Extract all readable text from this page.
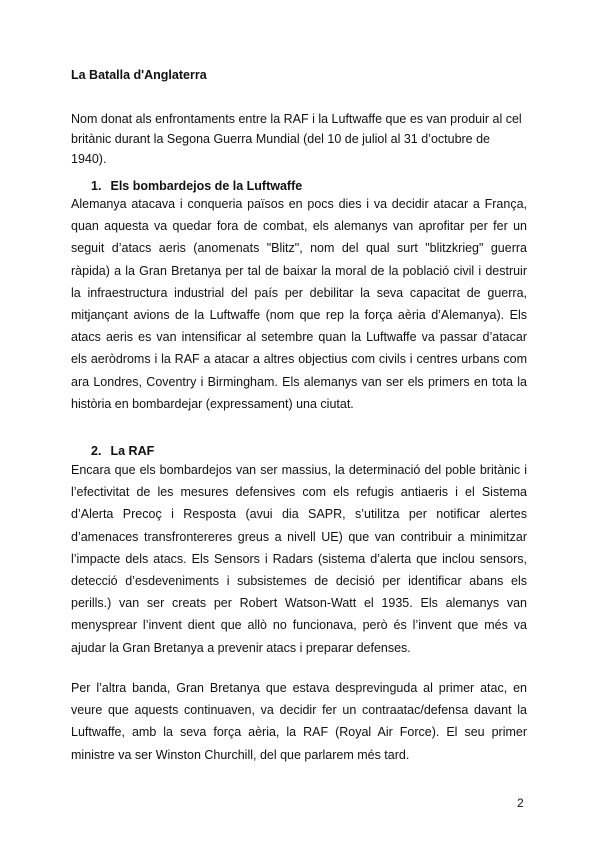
La Batalla d'Anglaterra

Nom donat als enfrontaments entre la RAF i la Luftwaffe que es van produir al cel britànic durant la Segona Guerra Mundial (del 10 de juliol al 31 d’octubre de 1940).

1. Els bombardejos de la Luftwaffe

Alemanya atacava i conqueria països en pocs dies i va decidir atacar a França, quan aquesta va quedar fora de combat, els alemanys van aprofitar per fer un seguit d’atacs aeris (anomenats "Blitz", nom del qual surt "blitzkrieg" guerra ràpida) a la Gran Bretanya per tal de baixar la moral de la població civil i destruir la infraestructura industrial del país per debilitar la seva capacitat de guerra, mitjançant avions de la Luftwaffe (nom que rep la força aèria d’Alemanya). Els atacs aeris es van intensificar al setembre quan la Luftwaffe va passar d’atacar els aeròdroms i la RAF a atacar a altres objectius com civils i centres urbans com ara Londres, Coventry i Birmingham. Els alemanys van ser els primers en tota la història en bombardejar (expressament) una ciutat.

2. La RAF

Encara que els bombardejos van ser massius, la determinació del poble britànic i l’efectivitat de les mesures defensives com els refugis antiaeris i el Sistema d’Alerta Precoç i Resposta (avui dia SAPR, s’utilitza per notificar alertes d’amenaces transfrontereres greus a nivell UE) que van contribuir a minimitzar l’impacte dels atacs. Els Sensors i Radars (sistema d’alerta que inclou sensors, detecció d’esdeveniments i subsistemes de decisió per identificar abans els perills.) van ser creats per Robert Watson-Watt el 1935. Els alemanys van menysprear l’invent dient que allò no funcionava, però és l’invent que més va ajudar la Gran Bretanya a prevenir atacs i preparar defenses.

Per l’altra banda, Gran Bretanya que estava desprevinguda al primer atac, en veure que aquests continuaven, va decidir fer un contraatac/defensa davant la Luftwaffe, amb la seva força aèria, la RAF (Royal Air Force). El seu primer ministre va ser Winston Churchill, del que parlarem més tard.

2
